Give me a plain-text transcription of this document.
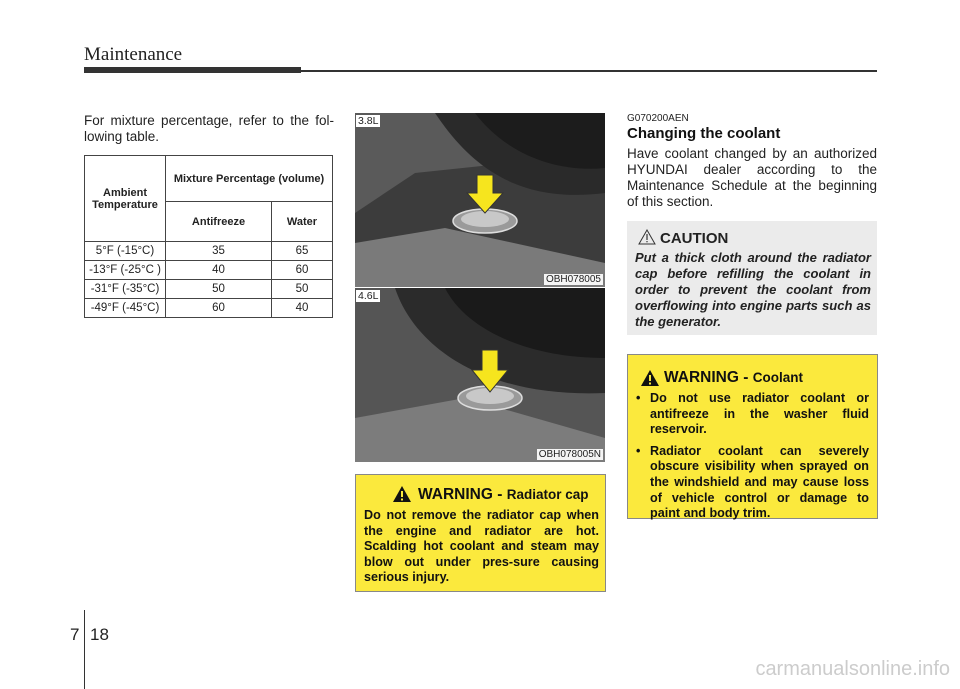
Maintenance
For mixture percentage, refer to the fol-lowing table.
Ambient Temperature	Mixture Percentage (volume)	
	Antifreeze	Water
5°F (-15°C)	35	65
-13°F (-25°C )	40	60
-31°F (-35°C)	50	50
-49°F (-45°C)	60	40
3.8L
OBH078005
4.6L
OBH078005N
WARNING - Radiator cap
Do not remove the radiator cap when the engine and radiator are hot. Scalding hot coolant and steam may blow out under pres-sure causing serious injury.
G070200AEN
Changing the coolant
Have coolant changed by an authorized HYUNDAI dealer according to the Maintenance Schedule at the beginning of this section.
CAUTION
Put a thick cloth around the radiator cap before refilling the coolant in order to prevent the coolant from overflowing into engine parts such as the generator.
WARNING - Coolant
• Do not use radiator coolant or antifreeze in the washer fluid reservoir.
• Radiator coolant can severely obscure visibility when sprayed on the windshield and may cause loss of vehicle control or damage to paint and body trim.
7 18
carmanualsonline.info
